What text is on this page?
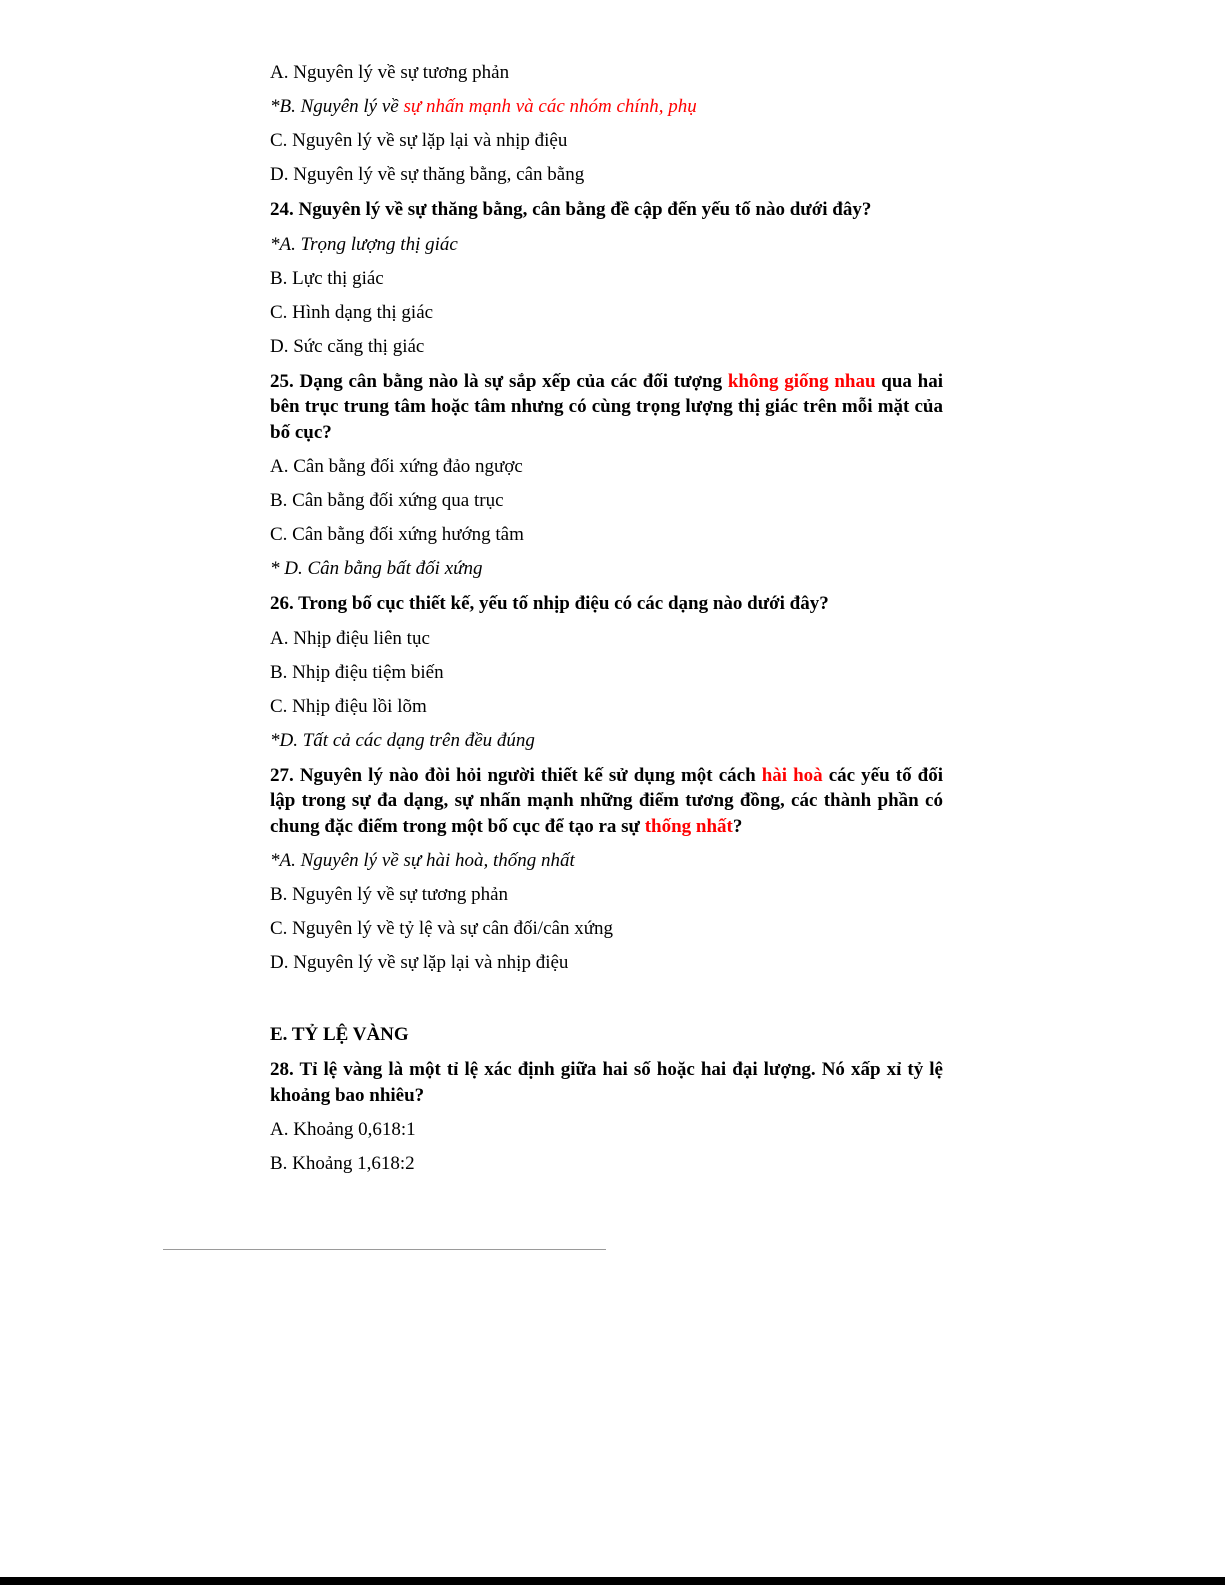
A. Nguyên lý về sự tương phản
*B. Nguyên lý về sự nhấn mạnh và các nhóm chính, phụ
C. Nguyên lý về sự lặp lại và nhịp điệu
D. Nguyên lý về sự thăng bằng, cân bằng
24. Nguyên lý về sự thăng bằng, cân bằng đề cập đến yếu tố nào dưới đây?
*A. Trọng lượng thị giác
B. Lực thị giác
C. Hình dạng thị giác
D. Sức căng thị giác
25. Dạng cân bằng nào là sự sắp xếp của các đối tượng không giống nhau qua hai bên trục trung tâm hoặc tâm nhưng có cùng trọng lượng thị giác trên mỗi mặt của bố cục?
A. Cân bằng đối xứng đảo ngược
B. Cân bằng đối xứng qua trục
C. Cân bằng đối xứng hướng tâm
* D. Cân bằng bất đối xứng
26. Trong bố cục thiết kế, yếu tố nhịp điệu có các dạng nào dưới đây?
A. Nhịp điệu liên tục
B. Nhịp điệu tiệm biến
C. Nhịp điệu lồi lõm
*D. Tất cả các dạng trên đều đúng
27. Nguyên lý nào đòi hỏi người thiết kế sử dụng một cách hài hoà các yếu tố đối lập trong sự đa dạng, sự nhấn mạnh những điểm tương đồng, các thành phần có chung đặc điểm trong một bố cục để tạo ra sự thống nhất?
*A. Nguyên lý về sự hài hoà, thống nhất
B. Nguyên lý về sự tương phản
C. Nguyên lý về tỷ lệ và sự cân đối/cân xứng
D. Nguyên lý về sự lặp lại và nhịp điệu
E. TỶ LỆ VÀNG
28. Tỉ lệ vàng là một tỉ lệ xác định giữa hai số hoặc hai đại lượng. Nó xấp xỉ tỷ lệ khoảng bao nhiêu?
A. Khoảng 0,618:1
B. Khoảng 1,618:2
